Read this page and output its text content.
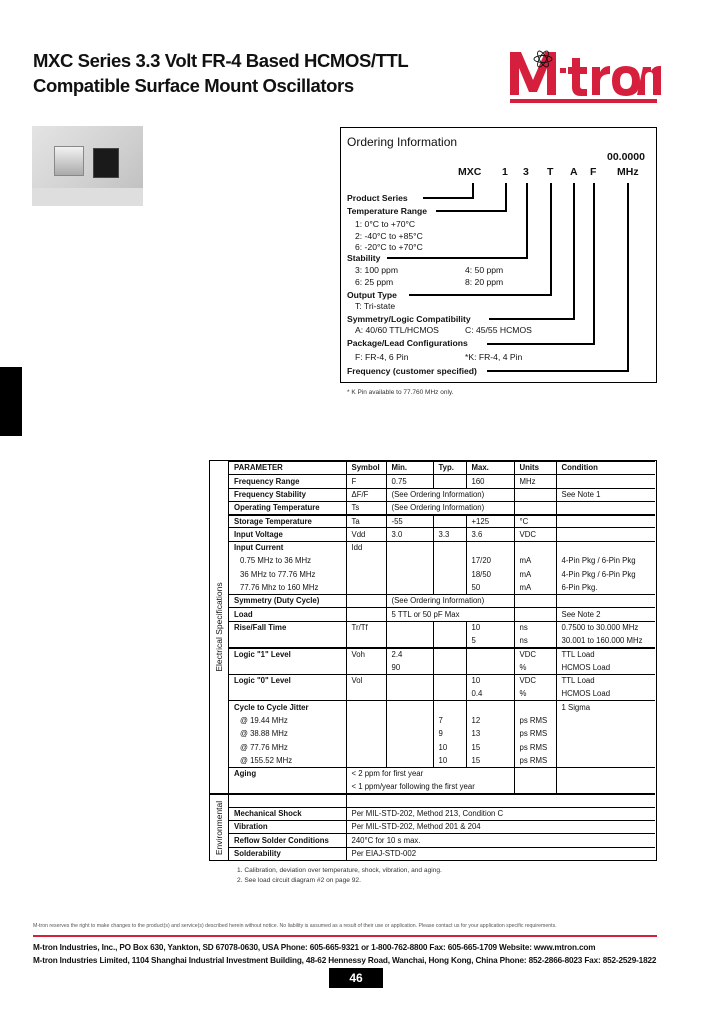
MXC Series 3.3 Volt FR-4 Based HCMOS/TTL
Compatible Surface Mount Oscillators
Ordering Information
00.0000
MXC 1 3 T A F MHz
Product Series
Temperature Range
1: 0°C to +70°C
2: -40°C to +85°C
6: -20°C to +70°C
Stability
3: 100 ppm	4: 50 ppm
6: 25 ppm	8: 20 ppm
Output Type
T: Tri-state
Symmetry/Logic Compatibility
A: 40/60 TTL/HCMOS	C: 45/55 HCMOS
Package/Lead Configurations
F: FR-4, 6 Pin	*K: FR-4, 4 Pin
Frequency (customer specified)
* K Pin available to 77.760 MHz only.
Electrical Specifications
Environmental
PARAMETER	Symbol	Min.	Typ.	Max.	Units	Condition
Frequency Range	F	0.75		160	MHz	
Frequency Stability	ΔF/F	(See Ordering Information)				See Note 1
Operating Temperature	Ts	(See Ordering Information)				
Storage Temperature	Ta	-55		+125	°C	
Input Voltage	Vdd	3.0	3.3	3.6	VDC	
Input Current	Idd					
0.75 MHz to 36 MHz				17/20	mA	4-Pin Pkg / 6-Pin Pkg
36 MHz to 77.76 MHz				18/50	mA	4-Pin Pkg / 6-Pin Pkg
77.76 Mhz to 160 MHz				50	mA	6-Pin Pkg.
Symmetry (Duty Cycle)		(See Ordering Information)				
Load		5 TTL or 50 pF Max				See Note 2
Rise/Fall Time	Tr/Tf			10	ns	0.7500 to 30.000 MHz
				5	ns	30.001 to 160.000 MHz
Logic "1" Level	Voh	2.4			VDC	TTL Load
		90			%	HCMOS Load
Logic "0" Level	Vol			10	VDC	TTL Load
				0.4	%	HCMOS Load
Cycle to Cycle Jitter						1 Sigma
@ 19.44 MHz			7	12	ps RMS	
@ 38.88 MHz			9	13	ps RMS	
@ 77.76 MHz			10	15	ps RMS	
@ 155.52 MHz			10	15	ps RMS	
Aging	< 2 ppm for first year					
	< 1 ppm/year following the first year					

Mechanical Shock	Per MIL-STD-202, Method 213, Condition C					
Vibration	Per MIL-STD-202, Method 201 & 204					
Reflow Solder Conditions	240°C for 10 s max.					
Solderability	Per EIAJ-STD-002					
1. Calibration, deviation over temperature, shock, vibration, and aging.
2. See load circuit diagram #2 on page 92.
M-tron reserves the right to make changes to the product(s) and service(s) described herein without notice. No liability is assumed as a result of their use or application. Please contact us for your application specific requirements.
M-tron Industries, Inc., PO Box 630, Yankton, SD 67078-0630, USA Phone: 605-665-9321 or 1-800-762-8800 Fax: 605-665-1709 Website: www.mtron.com
M-tron Industries Limited, 1104 Shanghai Industrial Investment Building, 48-62 Hennessy Road, Wanchai, Hong Kong, China Phone: 852-2866-8023 Fax: 852-2529-1822
46
